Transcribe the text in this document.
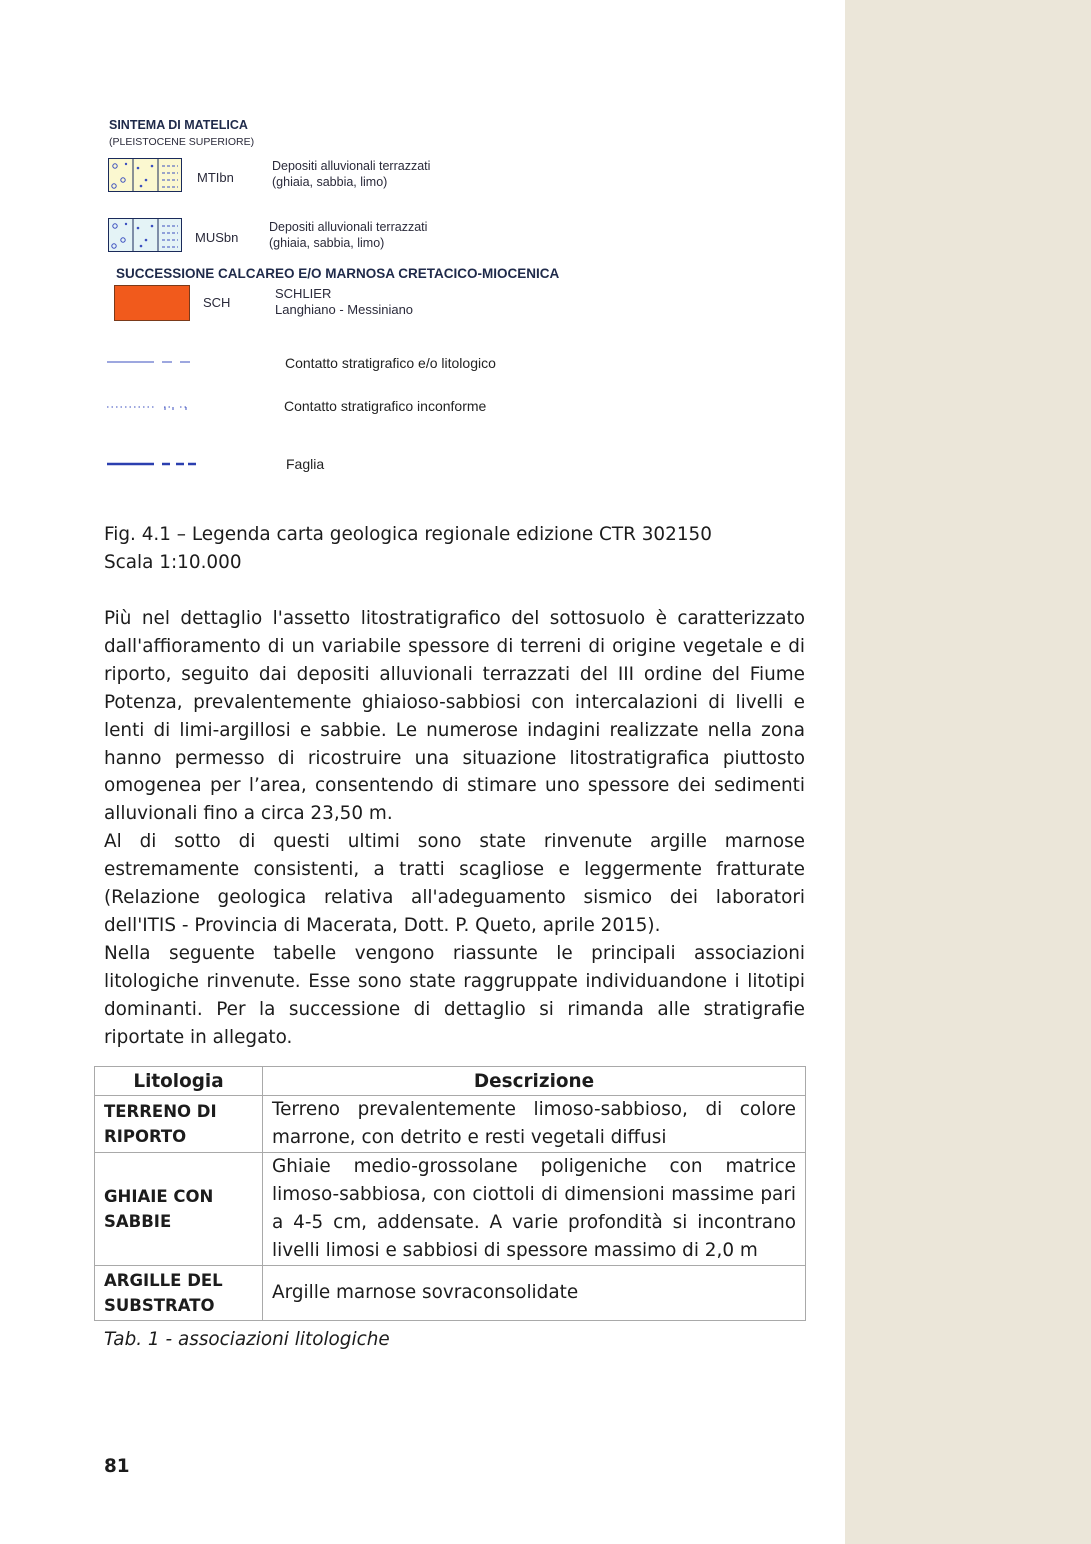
SINTEMA DI MATELICA
(PLEISTOCENE SUPERIORE)
MTIbn
Depositi alluvionali terrazzati
(ghiaia, sabbia, limo)
MUSbn
Depositi alluvionali terrazzati
(ghiaia, sabbia, limo)
SUCCESSIONE CALCAREO E/O MARNOSA CRETACICO-MIOCENICA
SCH
SCHLIER
Langhiano - Messiniano
Contatto stratigrafico e/o litologico
Contatto stratigrafico inconforme
Faglia
Fig. 4.1 – Legenda carta geologica regionale edizione CTR 302150
Scala 1:10.000

Più nel dettaglio l'assetto litostratigrafico del sottosuolo è caratterizzato dall'affioramento di un variabile spessore di terreni di origine vegetale e di riporto, seguito dai depositi alluvionali terrazzati del III ordine del Fiume Potenza, prevalentemente ghiaioso-sabbiosi con intercalazioni di livelli e lenti di limi-argillosi e sabbie. Le numerose indagini realizzate nella zona hanno permesso di ricostruire una situazione litostratigrafica piuttosto omogenea per l’area, consentendo di stimare uno spessore dei sedimenti alluvionali fino a circa 23,50 m.

Al di sotto di questi ultimi sono state rinvenute argille marnose estremamente consistenti, a tratti scagliose e leggermente fratturate (Relazione geologica relativa all'adeguamento sismico dei laboratori dell'ITIS - Provincia di Macerata, Dott. P. Queto, aprile 2015).

Nella seguente tabelle vengono riassunte le principali associazioni litologiche rinvenute. Esse sono state raggruppate individuandone i litotipi dominanti. Per la successione di dettaglio si rimanda alle stratigrafie riportate in allegato.

Litologia	Descrizione

TERRENO DI
RIPORTO	Terreno prevalentemente limoso-sabbioso, di colore marrone, con detrito e resti vegetali diffusi

GHIAIE CON
SABBIE	Ghiaie medio-grossolane poligeniche con matrice limoso-sabbiosa, con ciottoli di dimensioni massime pari a 4-5 cm, addensate. A varie profondità si incontrano livelli limosi e sabbiosi di spessore massimo di 2,0 m

ARGILLE DEL
SUBSTRATO	Argille marnose sovraconsolidate
Tab. 1 - associazioni litologiche
81
